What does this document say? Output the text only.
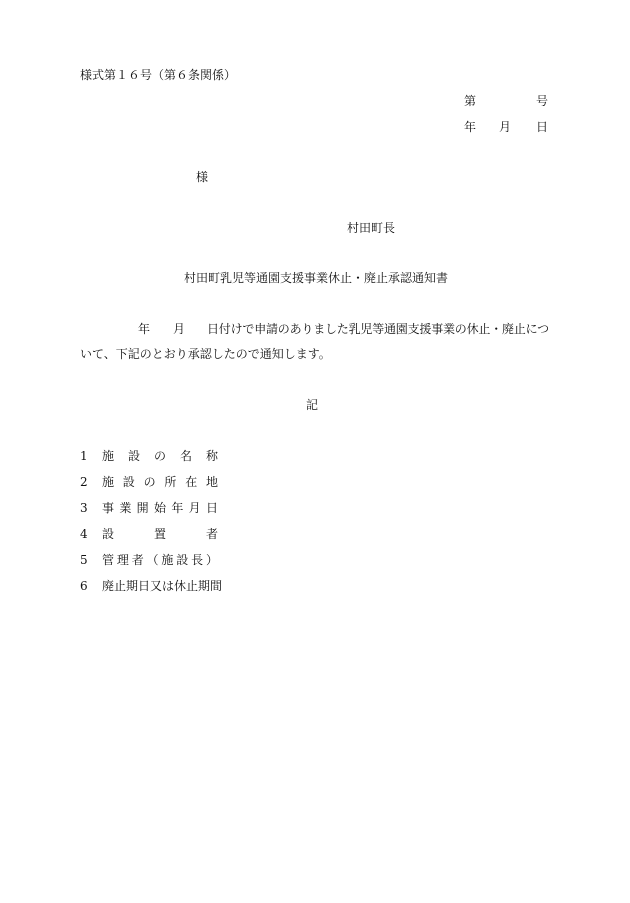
様式第１６号（第６条関係）
第	号
年 月 日
様
村田町長
村田町乳児等通園支援事業休止・廃止承認通知書
年 月 日付けで申請のありました乳児等通園支援事業の休止・廃止につ
いて、下記のとおり承認したので通知します。
記
1 施設の名称
2 施設の所在地
3 事業開始年月日
4 設置者
5 管理者（施設長）
6 廃止期日又は休止期間
